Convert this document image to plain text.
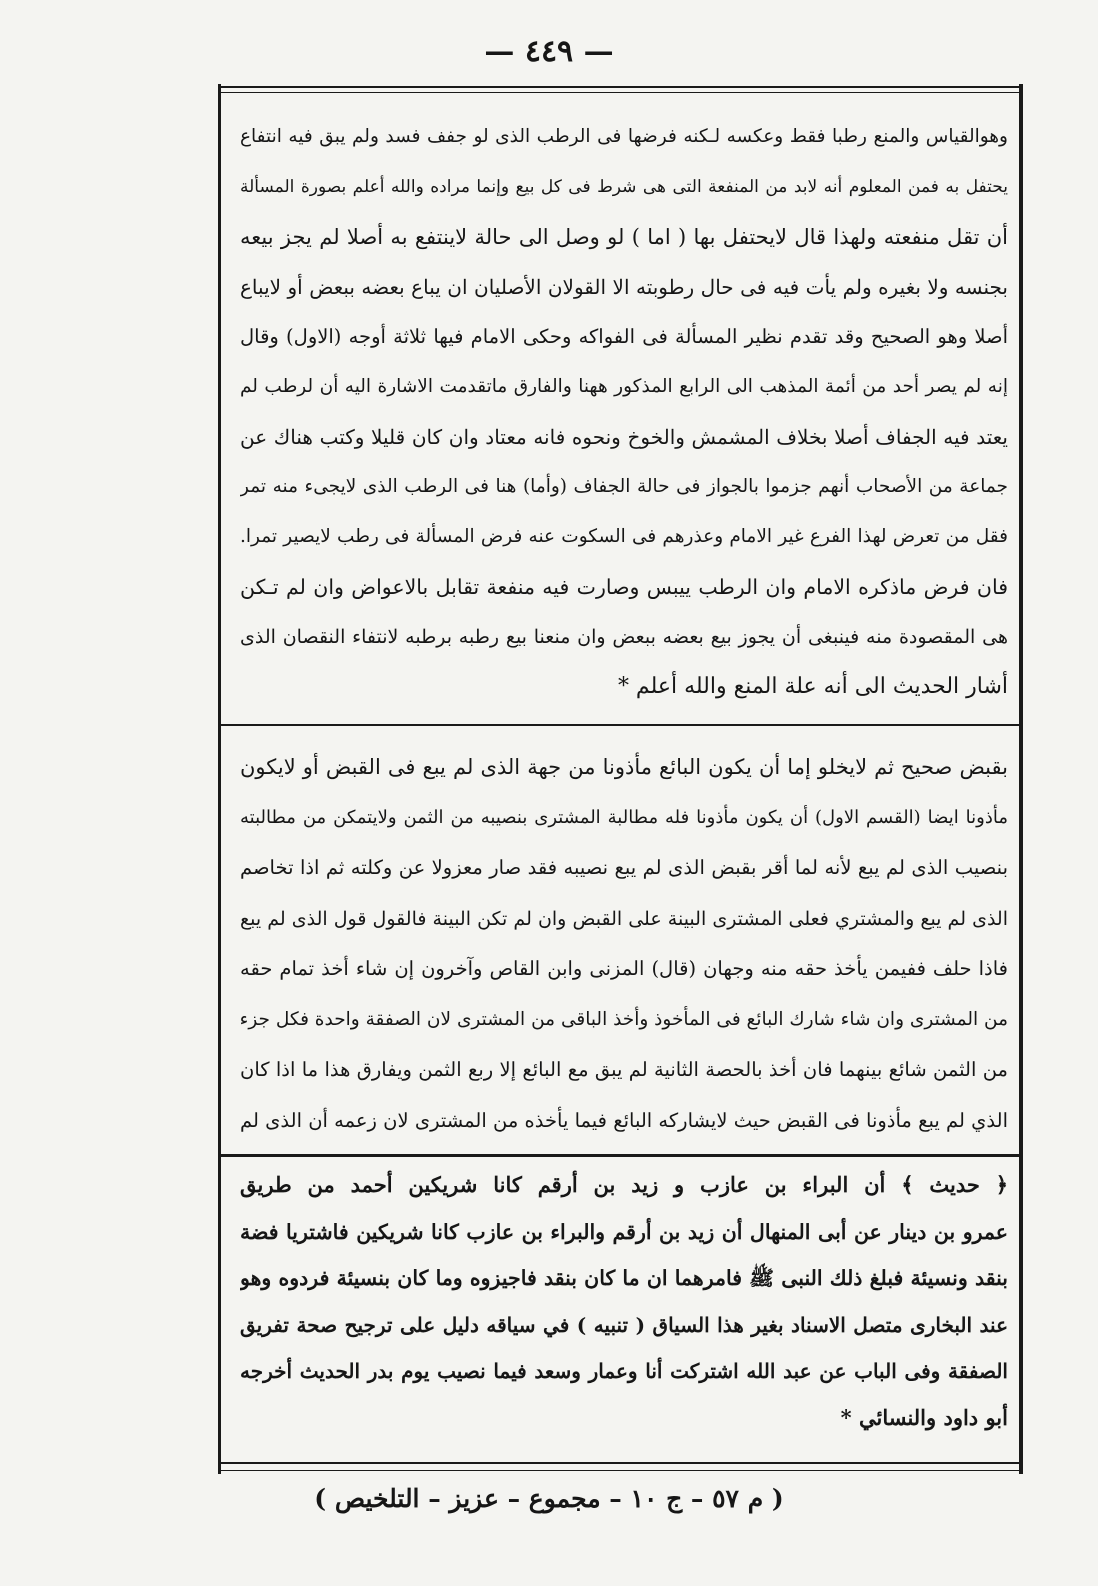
— ٤٤٩ —
وهوالقياس والمنع رطبا فقط وعكسه لـكنه فرضها فى الرطب الذى لو جفف فسد ولم يبق فيه انتفاع
يحتفل به فمن المعلوم أنه لابد من المنفعة التى هى شرط فى كل بيع وإنما مراده والله أعلم بصورة المسألة
أن تقل منفعته ولهذا قال لايحتفل بها ( اما ) لو وصل الى حالة لاينتفع به أصلا لم يجز بيعه
بجنسه ولا بغيره ولم يأت فيه فى حال رطوبته الا القولان الأصليان ان يباع بعضه ببعض أو لايباع
أصلا وهو الصحيح وقد تقدم نظير المسألة فى الفواكه وحكى الامام فيها ثلاثة أوجه (الاول) وقال
إنه لم يصر أحد من أئمة المذهب الى الرابع المذكور ههنا والفارق ماتقدمت الاشارة اليه أن لرطب لم
يعتد فيه الجفاف أصلا بخلاف المشمش والخوخ ونحوه فانه معتاد وان كان قليلا وكتب هناك عن
جماعة من الأصحاب أنهم جزموا بالجواز فى حالة الجفاف (وأما) هنا فى الرطب الذى لايجىء منه تمر
فقل من تعرض لهذا الفرع غير الامام وعذرهم فى السكوت عنه فرض المسألة فى رطب لايصير تمرا.
فان فرض ماذكره الامام وان الرطب ييبس وصارت فيه منفعة تقابل بالاعواض وان لم تـكن
هى المقصودة منه فينبغى أن يجوز بيع بعضه ببعض وان منعنا بيع رطبه برطبه لانتفاء النقصان الذى
أشار الحديث الى أنه علة المنع والله أعلم *
بقبض صحيح ثم لايخلو إما أن يكون البائع مأذونا من جهة الذى لم يبع فى القبض أو لايكون
مأذونا ايضا (القسم الاول) أن يكون مأذونا فله مطالبة المشترى بنصيبه من الثمن ولايتمكن من مطالبته
بنصيب الذى لم يبع لأنه لما أقر بقبض الذى لم يبع نصيبه فقد صار معزولا عن وكلته ثم اذا تخاصم
الذى لم يبع والمشتري فعلى المشترى البينة على القبض وان لم تكن البينة فالقول قول الذى لم يبع
فاذا حلف ففيمن يأخذ حقه منه وجهان (قال) المزنى وابن القاص وآخرون إن شاء أخذ تمام حقه
من المشترى وان شاء شارك البائع فى المأخوذ وأخذ الباقى من المشترى لان الصفقة واحدة فكل جزء
من الثمن شائع بينهما فان أخذ بالحصة الثانية لم يبق مع البائع إلا ربع الثمن ويفارق هذا ما اذا كان
الذي لم يبع مأذونا فى القبض حيث لايشاركه البائع فيما يأخذه من المشترى لان زعمه أن الذى لم
﴿ حديث ﴾ أن البراء بن عازب و زيد بن أرقم كانا شريكين أحمد من طريق
عمرو بن دينار عن أبى المنهال أن زيد بن أرقم والبراء بن عازب كانا شريكين فاشتريا فضة
بنقد ونسيئة فبلغ ذلك النبى ﷺ فامرهما ان ما كان بنقد فاجيزوه وما كان بنسيئة فردوه وهو
عند البخارى متصل الاسناد بغير هذا السياق ( تنبيه ) في سياقه دليل على ترجيح صحة تفريق
الصفقة وفى الباب عن عبد الله اشتركت أنا وعمار وسعد فيما نصيب يوم بدر الحديث أخرجه
أبو داود والنسائي *
( م ٥٧ – ج ١٠ – مجموع – عزيز – التلخيص )
